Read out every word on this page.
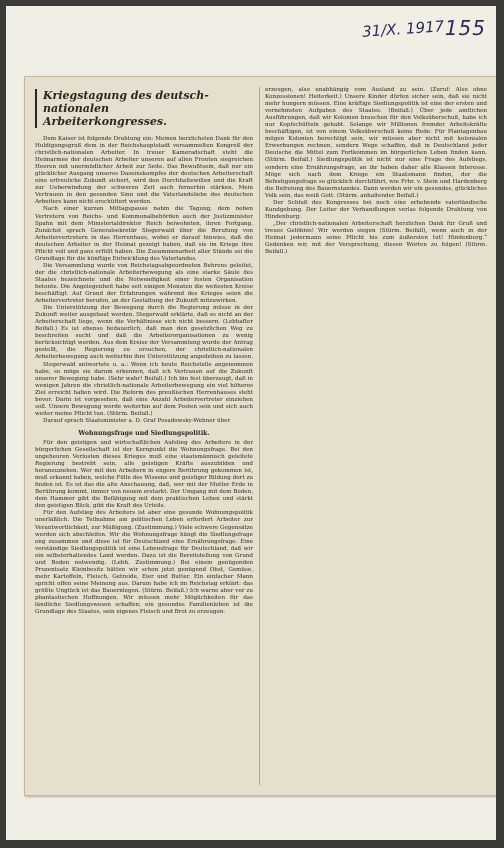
31/X. 1917 155
Kriegstagung des deutsch-nationalen
Arbeiterkongresses.

Dem Kaiser ist folgende Drahtung ein: Meinen herzlichsten Dank für den Huldigungsgruß dem in der Reichshauptstadt versammelten Kongreß der christlich-nationalen Arbeiter. In treuer Kameradschaft steht die Heimarmee der deutschen Arbeiter unseren auf allen Fronten siegreichen Heeren mit unermüdlicher Arbeit zur Seite. Das Bewußtsein, daß nur ein glücklicher Ausgang unseres Daseinskampfes der deutschen Arbeiterschaft eine erfreuliche Zukunft sichert, wird den Durchhaltewillen und die Kraft zur Ueberwindung der schweren Zeit auch fernerhin stärken. Mein Vertrauen in den gesunden Sinn und die Vaterlandsliebe des deutschen Arbeiters kann nicht erschüttert werden.

Nach einer kurzen Mittagspause nahm die Tagung, dem neben Vertretern von Reichs- und Kommunalbehörden auch der Justizminister Spahn mit dem Ministerialdirektor Reich beiwohnten, ihren Fortgang. Zunächst sprach Generalsekretär Stegerwald über die Berufung von Arbeitervertretern in das Herrenhaus, wobei er darauf hinwies, daß die deutschen Arbeiter in der Heimat gezeigt haben, daß sie im Kriege ihre Pflicht voll und ganz erfüllt haben. Die Zusammenarbeit aller Stände sei die Grundlage für die künftige Entwicklung des Vaterlandes.

Die Versammlung wurde von Reichstagsabgeordneten Behrens geleitet, der die christlich-nationale Arbeiterbewegung als eine starke Säule des Staates bezeichnete und die Notwendigkeit einer festen Organisation betonte. Die Angelegenheit habe seit einigen Monaten die weitesten Kreise beschäftigt. Auf Grund der Erfahrungen während des Krieges seien die Arbeitervertreter berufen, an der Gestaltung der Zukunft mitzuwirken.

Die Unterstützung der Bewegung durch die Regierung müsse in der Zukunft weiter ausgebaut werden. Stegerwald erklärte, daß es nicht an der Arbeiterschaft liege, wenn die Verhältnisse sich nicht bessern. (Lebhafter Beifall.) Es ist ebenso bedauerlich, daß man den gesetzlichen Weg zu beschreiten sucht und daß die Arbeiterorganisationen zu wenig berücksichtigt werden. Aus dem Kreise der Versammlung wurde der Antrag gestellt, die Regierung zu ersuchen, der christlich-nationalen Arbeiterbewegung auch weiterhin ihre Unterstützung angedeihen zu lassen.

Stegerwald antwortete u. a.: Wenn ich heute Reichstelle angenommen habe, so möge sie darum erkennen, daß ich Vertrauen auf die Zukunft unserer Bewegung habe. (Sehr wahr! Beifall.) Ich bin fest überzeugt, daß in wenigen Jahren die christlich-nationale Arbeiterbewegung ein viel höheres Ziel erreicht haben wird. Die Reform des preußischen Herrenhauses steht bevor. Darin ist vorgesehen, daß eine Anzahl Arbeitervertreter einziehen soll. Unsere Bewegung werde weiterhin auf dem Posten sein und sich auch weiter meine Pflicht tun. (Stürm. Beifall.)

Darauf sprach Staatsminister a. D. Graf Posadowsky-Wehner über

Wohnungsfrage und Siedlungspolitik.

Für den geistigen und wirtschaftlichen Aufstieg des Arbeiters in der bürgerlichen Gesellschaft ist der Kernpunkt die Wohnungsfrage. Bei den ungeheuren Verlusten dieses Krieges muß eine staatsmännisch geleitete Regierung bestrebt sein, alle geistigen Kräfte auszubilden und heranzuziehen. Wer mit den Arbeitern in engere Berührung gekommen ist, muß erkannt haben, welche Fülle des Wissens und geistiger Bildung dort zu finden ist. Es ist das die alte Anschauung, daß, wer mit der Mutter Erde in Berührung kommt, immer von neuem erstarkt. Der Umgang mit dem Boden, dem Hammer gibt die Befähigung mit dem praktischen Leben und stärkt den geistigen Blick, gibt die Kraft des Urteils.

Für den Aufstieg des Arbeiters ist aber eine gesunde Wohnungspolitik unerläßlich. Die Teilnahme am politischen Leben erfordert Arbeiter zur Verantwortlichkeit, zur Mäßigung. (Zustimmung.) Viele schwere Gegensätze werden sich abschleifen. Wir die Wohnungsfrage hängt die Siedlungsfrage eng zusammen und diese ist für Deutschland eine Ernährungsfrage. Eine verständige Siedlungspolitik ist eine Lebensfrage für Deutschland, daß wir ein selbsterhaltendes Land werden. Dazu ist die Bereitstellung von Grund und Boden notwendig. (Lebh. Zustimmung.) Bei einem genügenden Prozentsatz Kleinbesitz hätten wir schon jetzt genügend Obst, Gemüse, mehr Kartoffeln, Fleisch, Getreide, Eier und Butter. Ein einfacher Mann spricht offen seine Meinung aus. Darum habe ich im Reichstag erklärt: das größte Unglück ist das Bauernlegen. (Stürm. Beifall.) Ich warne aber vor zu phantastischen Hoffnungen. Wir müssen mehr Möglichkeiten für das ländliche Siedlungswesen schaffen; ein gesundes Familienleben ist die Grundlage des Staates, sein eigenes Fleisch und Brot zu erzeugen.

erzeugen, also unabhängig vom Ausland zu sein. (Zuruf: Also ohne Konzessionen! Heiterkeit.) Unsere Kinder dürfen sicher sein, daß sie nicht mehr hungern müssen. Eine kräftige Siedlungspolitik ist eine der ersten und vornehmsten Aufgaben des Staates. (Beifall.) Über jede amtlichen Ausführungen, daß wir Kolonien brauchen für den Volksüberschuß, habe ich nur Kopfschütteln gehabt. Solange wir Millionen fremder Arbeitskräfte beschäftigen, ist von einem Volksüberschuß keine Rede. Für Plantagenbau mögen Kolonien berechtigt sein, wir müssen aber nicht mit kolonialen Erwerbungen rechnen, sondern Wege schaffen, daß in Deutschland jeder Deutsche die Mittel zum Fortkommen im bürgerlichen Leben finden kann. (Stürm. Beifall.) Siedlungspolitik ist nicht nur eine Frage des Aufstiegs, sondern eine Ernährungsfrage, an ihr haben daher alle Klassen Interesse. Möge sich nach dem Kriege ein Staatsmann finden, der die Befestigungsfrage so glücklich durchführt, wie Frhr. v. Stein und Hardenberg die Befreiung des Bauernstandes. Dann werden wir ein gesundes, glückliches Volk sein, das weiß Gott. (Stürm. anhaltender Beifall.)

Der Schluß des Kongresses bei noch eine erhebende vaterländische Kundgebung. Der Leiter der Verhandlungen verlas folgende Drahtung von Hindenburg:

„Der christlich-nationalen Arbeiterschaft herzlichen Dank für Gruß und treues Gelöbnis! Wir werden siegen (Stürm. Beifall), wenn auch in der Heimat jedermann seine Pflicht bis zum äußersten tut! Hindenburg.“ Gedenken wir, mit der Versprechung, diesen Worten zu folgen! (Stürm. Beifall.)
